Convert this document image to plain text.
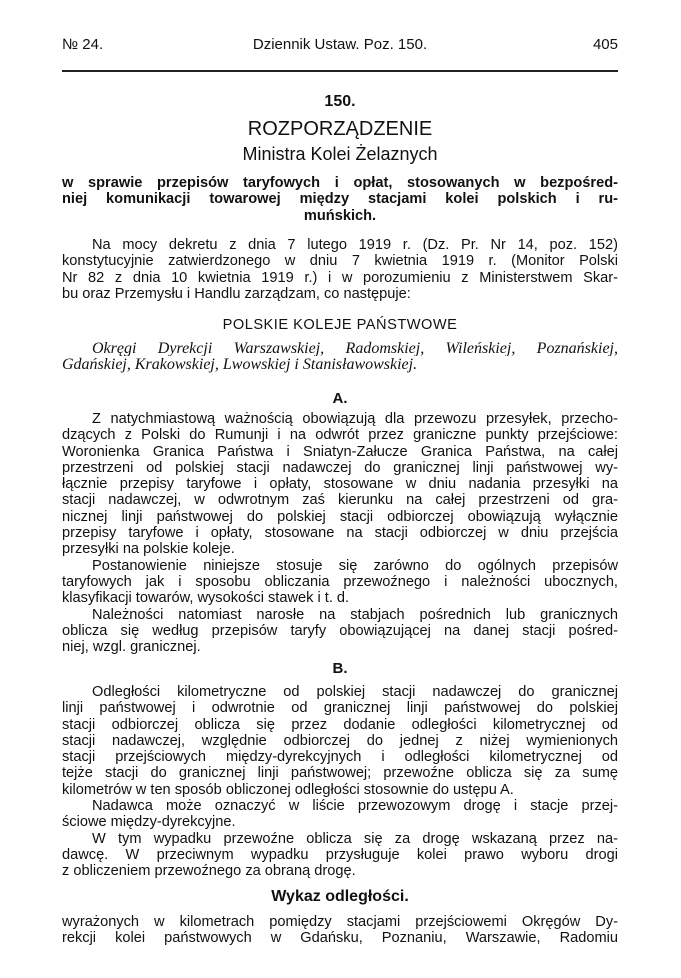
№ 24.	Dziennik Ustaw. Poz. 150.	405
150.
ROZPORZĄDZENIE
Ministra Kolei Żelaznych
w sprawie przepisów taryfowych i opłat, stosowanych w bezpośred-
niej komunikacji towarowej między stacjami kolei polskich i ru-
muńskich.
Na mocy dekretu z dnia 7 lutego 1919 r. (Dz. Pr. Nr 14, poz. 152)
konstytucyjnie zatwierdzonego w dniu 7 kwietnia 1919 r. (Monitor Polski
Nr 82 z dnia 10 kwietnia 1919 r.) i w porozumieniu z Ministerstwem Skar-
bu oraz Przemysłu i Handlu zarządzam, co następuje:
POLSKIE KOLEJE PAŃSTWOWE
Okręgi Dyrekcji Warszawskiej, Radomskiej, Wileńskiej, Poznańskiej,
Gdańskiej, Krakowskiej, Lwowskiej i Stanisławowskiej.
A.
Z natychmiastową ważnością obowiązują dla przewozu przesyłek, przecho-
dzących z Polski do Rumunji i na odwrót przez graniczne punkty przejściowe:
Woronienka Granica Państwa i Sniatyn-Załucze Granica Państwa, na całej
przestrzeni od polskiej stacji nadawczej do granicznej linji państwowej wy-
łącznie przepisy taryfowe i opłaty, stosowane w dniu nadania przesyłki na
stacji nadawczej, w odwrotnym zaś kierunku na całej przestrzeni od gra-
nicznej linji państwowej do polskiej stacji odbiorczej obowiązują wyłącznie
przepisy taryfowe i opłaty, stosowane na stacji odbiorczej w dniu przejścia
przesyłki na polskie koleje.
Postanowienie niniejsze stosuje się zarówno do ogólnych przepisów
taryfowych jak i sposobu obliczania przewoźnego i należności ubocznych,
klasyfikacji towarów, wysokości stawek i t. d.
Należności natomiast narosłe na stabjach pośrednich lub granicznych
oblicza się według przepisów taryfy obowiązującej na danej stacji pośred-
niej, wzgl. granicznej.
B.
Odległości kilometryczne od polskiej stacji nadawczej do granicznej
linji państwowej i odwrotnie od granicznej linji państwowej do polskiej
stacji odbiorczej oblicza się przez dodanie odległości kilometrycznej od
stacji nadawczej, względnie odbiorczej do jednej z niżej wymienionych
stacji przejściowych między-dyrekcyjnych i odległości kilometrycznej od
tejże stacji do granicznej linji państwowej; przewoźne oblicza się za sumę
kilometrów w ten sposób obliczonej odległości stosownie do ustępu A.
Nadawca może oznaczyć w liście przewozowym drogę i stacje przej-
ściowe między-dyrekcyjne.
W tym wypadku przewoźne oblicza się za drogę wskazaną przez na-
dawcę. W przeciwnym wypadku przysługuje kolei prawo wyboru drogi
z obliczeniem przewoźnego za obraną drogę.
Wykaz odległości.
wyrażonych w kilometrach pomiędzy stacjami przejściowemi Okręgów Dy-
rekcji kolei państwowych w Gdańsku, Poznaniu, Warszawie, Radomiu
